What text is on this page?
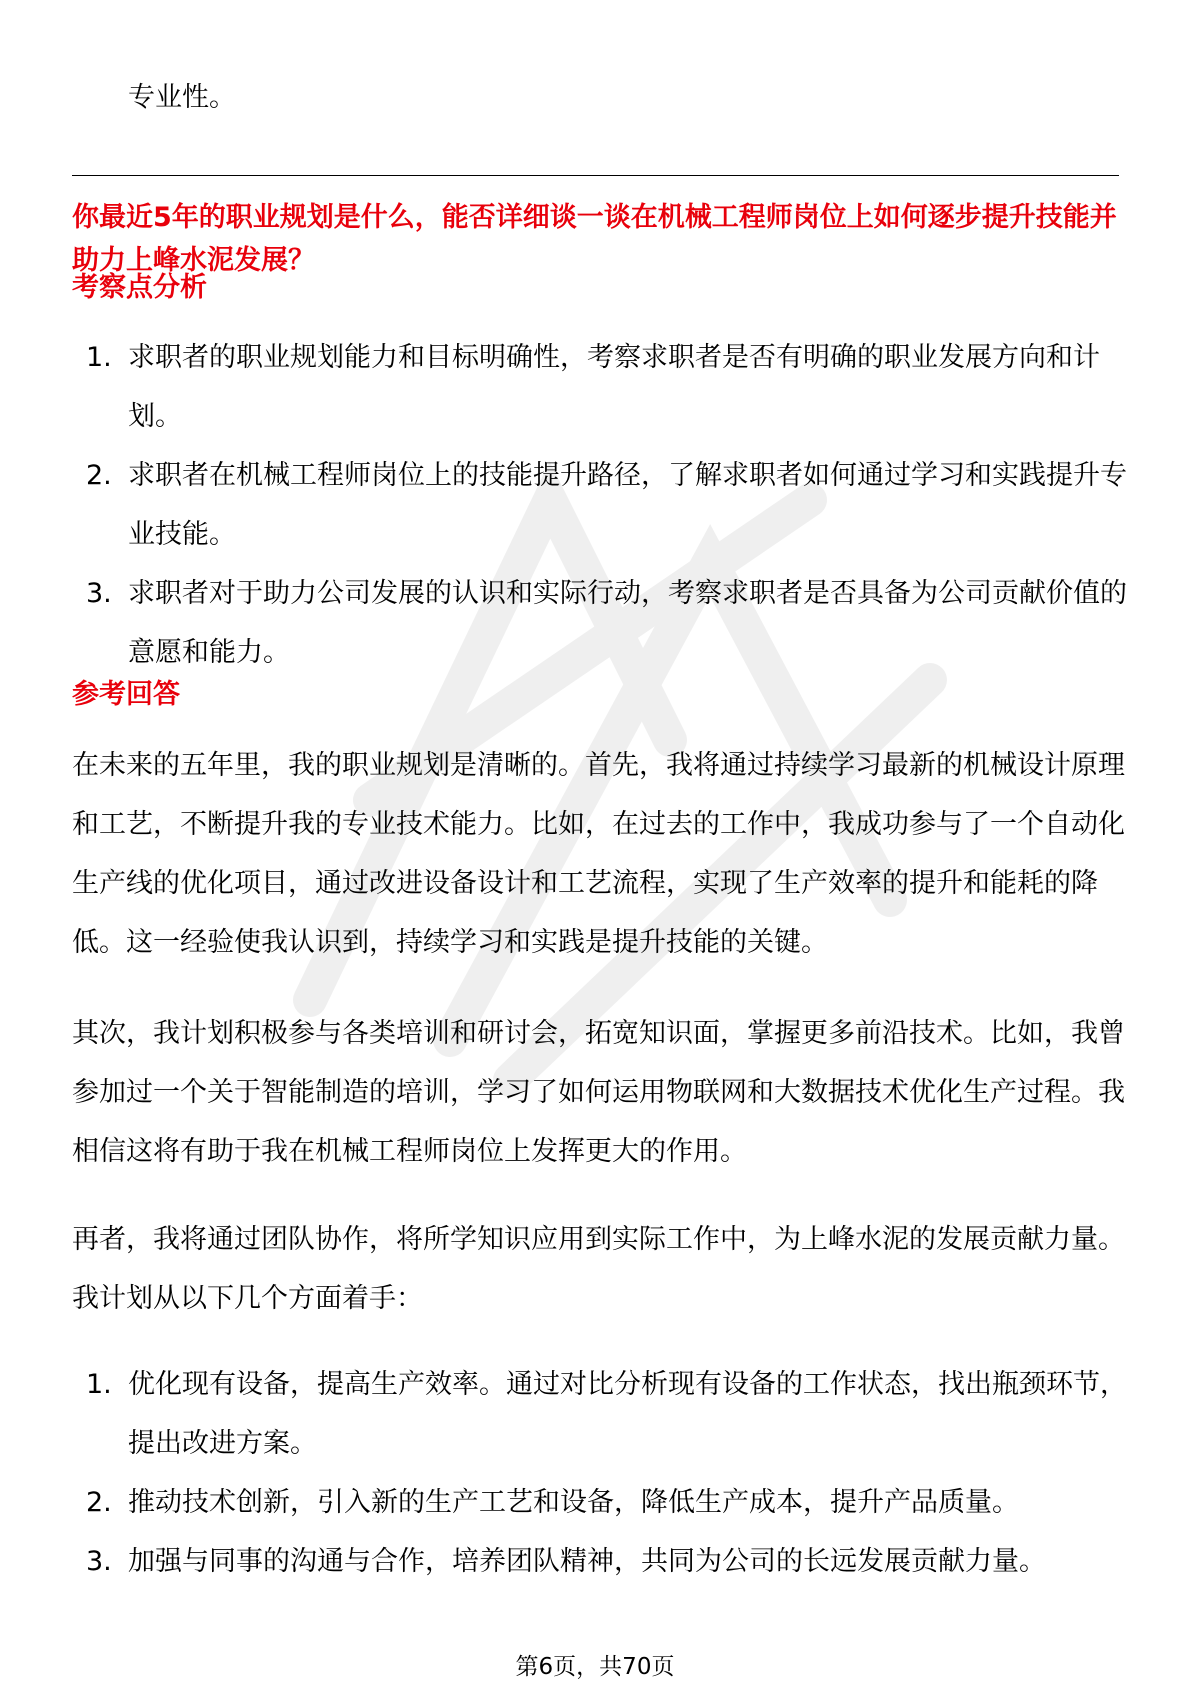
专业性。

你最近5年的职业规划是什么，能否详细谈一谈在机械工程师岗位上如何逐步提升技能并助力上峰水泥发展？

考察点分析

1. 求职者的职业规划能力和目标明确性，考察求职者是否有明确的职业发展方向和计划。
2. 求职者在机械工程师岗位上的技能提升路径，了解求职者如何通过学习和实践提升专业技能。
3. 求职者对于助力公司发展的认识和实际行动，考察求职者是否具备为公司贡献价值的意愿和能力。

参考回答

在未来的五年里，我的职业规划是清晰的。首先，我将通过持续学习最新的机械设计原理和工艺，不断提升我的专业技术能力。比如，在过去的工作中，我成功参与了一个自动化生产线的优化项目，通过改进设备设计和工艺流程，实现了生产效率的提升和能耗的降低。这一经验使我认识到，持续学习和实践是提升技能的关键。

其次，我计划积极参与各类培训和研讨会，拓宽知识面，掌握更多前沿技术。比如，我曾参加过一个关于智能制造的培训，学习了如何运用物联网和大数据技术优化生产过程。我相信这将有助于我在机械工程师岗位上发挥更大的作用。

再者，我将通过团队协作，将所学知识应用到实际工作中，为上峰水泥的发展贡献力量。我计划从以下几个方面着手：

1. 优化现有设备，提高生产效率。通过对比分析现有设备的工作状态，找出瓶颈环节，提出改进方案。
2. 推动技术创新，引入新的生产工艺和设备，降低生产成本，提升产品质量。
3. 加强与同事的沟通与合作，培养团队精神，共同为公司的长远发展贡献力量。

第6页，共70页
